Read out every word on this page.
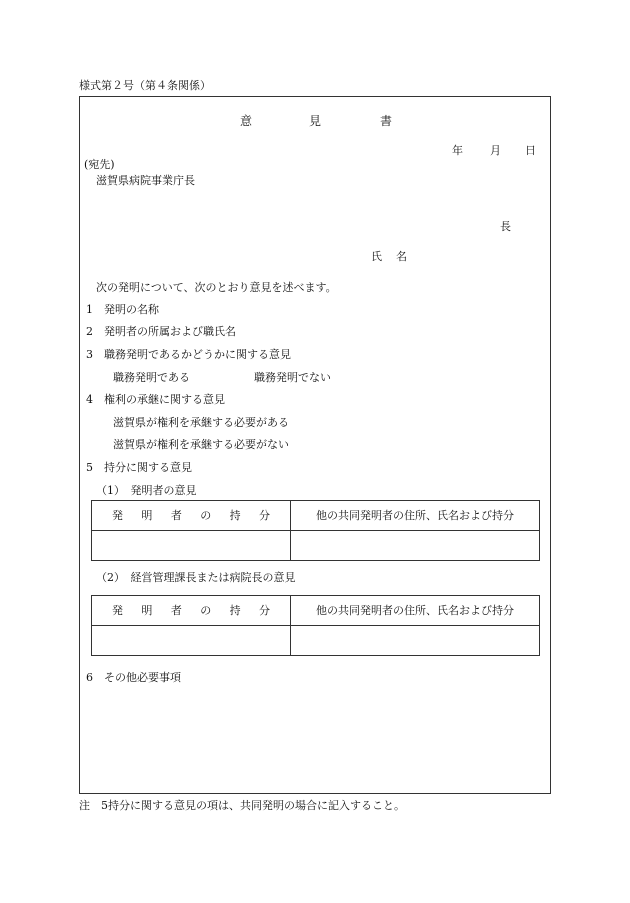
様式第２号（第４条関係）
意	見	書
年 月 日
(宛先)
滋賀県病院事業庁長
長
氏 名
次の発明について、次のとおり意見を述べます。
1　発明の名称
2　発明者の所属および職氏名
3　職務発明であるかどうかに関する意見
職務発明である	職務発明でない
4　権利の承継に関する意見
滋賀県が権利を承継する必要がある
滋賀県が権利を承継する必要がない
5　持分に関する意見
（1）　発明者の意見
発 明 者 の 持 分	他の共同発明者の住所、氏名および持分

（2）　経営管理課長または病院長の意見
発 明 者 の 持 分	他の共同発明者の住所、氏名および持分

6　その他必要事項
注　5持分に関する意見の項は、共同発明の場合に記入すること。
